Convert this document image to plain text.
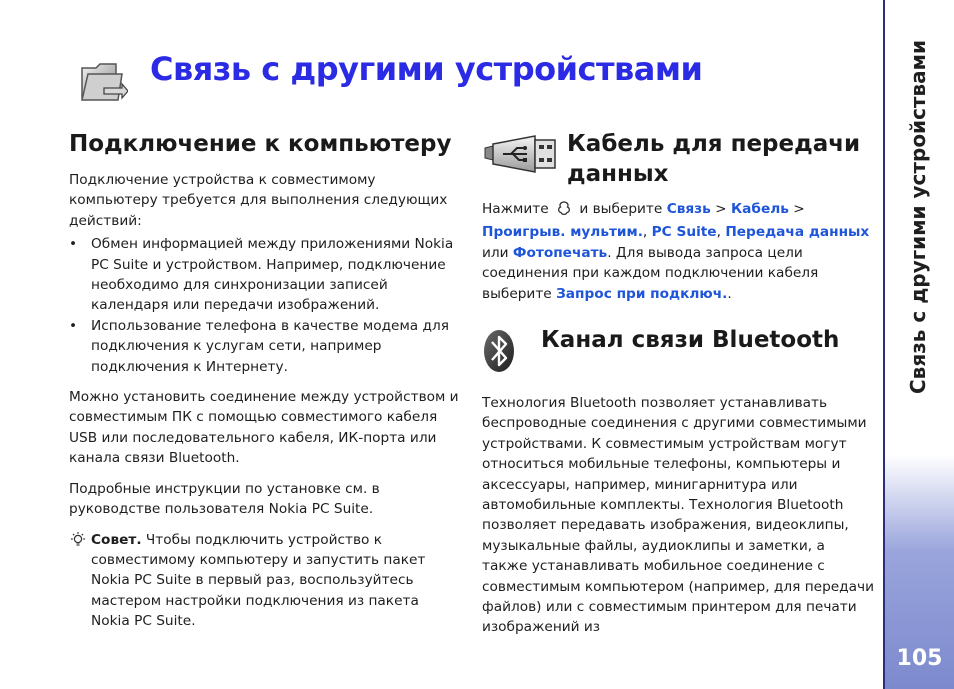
Связь с другими устройствами
105
Связь с другими устройствами
Подключение к компьютеру

Подключение устройства к совместимому компьютеру требуется для выполнения следующих действий:

• Обмен информацией между приложениями Nokia PC Suite и устройством. Например, подключение необходимо для синхронизации записей календаря или передачи изображений.
• Использование телефона в качестве модема для подключения к услугам сети, например подключения к Интернету.

Можно установить соединение между устройством и совместимым ПК с помощью совместимого кабеля USB или последовательного кабеля, ИК-порта или канала связи Bluetooth.

Подробные инструкции по установке см. в руководстве пользователя Nokia PC Suite.

Совет. Чтобы подключить устройство к совместимому компьютеру и запустить пакет Nokia PC Suite в первый раз, воспользуйтесь мастером настройки подключения из пакета Nokia PC Suite.
Кабель для передачи данных
Нажмите и выберите Связь > Кабель > Проигрыв. мультим., PC Suite, Передача данных или Фотопечать. Для вывода запроса цели соединения при каждом подключении кабеля выберите Запрос при подключ..
Канал связи Bluetooth
Технология Bluetooth позволяет устанавливать беспроводные соединения с другими совместимыми устройствами. К совместимым устройствам могут относиться мобильные телефоны, компьютеры и аксессуары, например, минигарнитура или автомобильные комплекты. Технология Bluetooth позволяет передавать изображения, видеоклипы, музыкальные файлы, аудиоклипы и заметки, а также устанавливать мобильное соединение с совместимым компьютером (например, для передачи файлов) или с совместимым принтером для печати изображений из
